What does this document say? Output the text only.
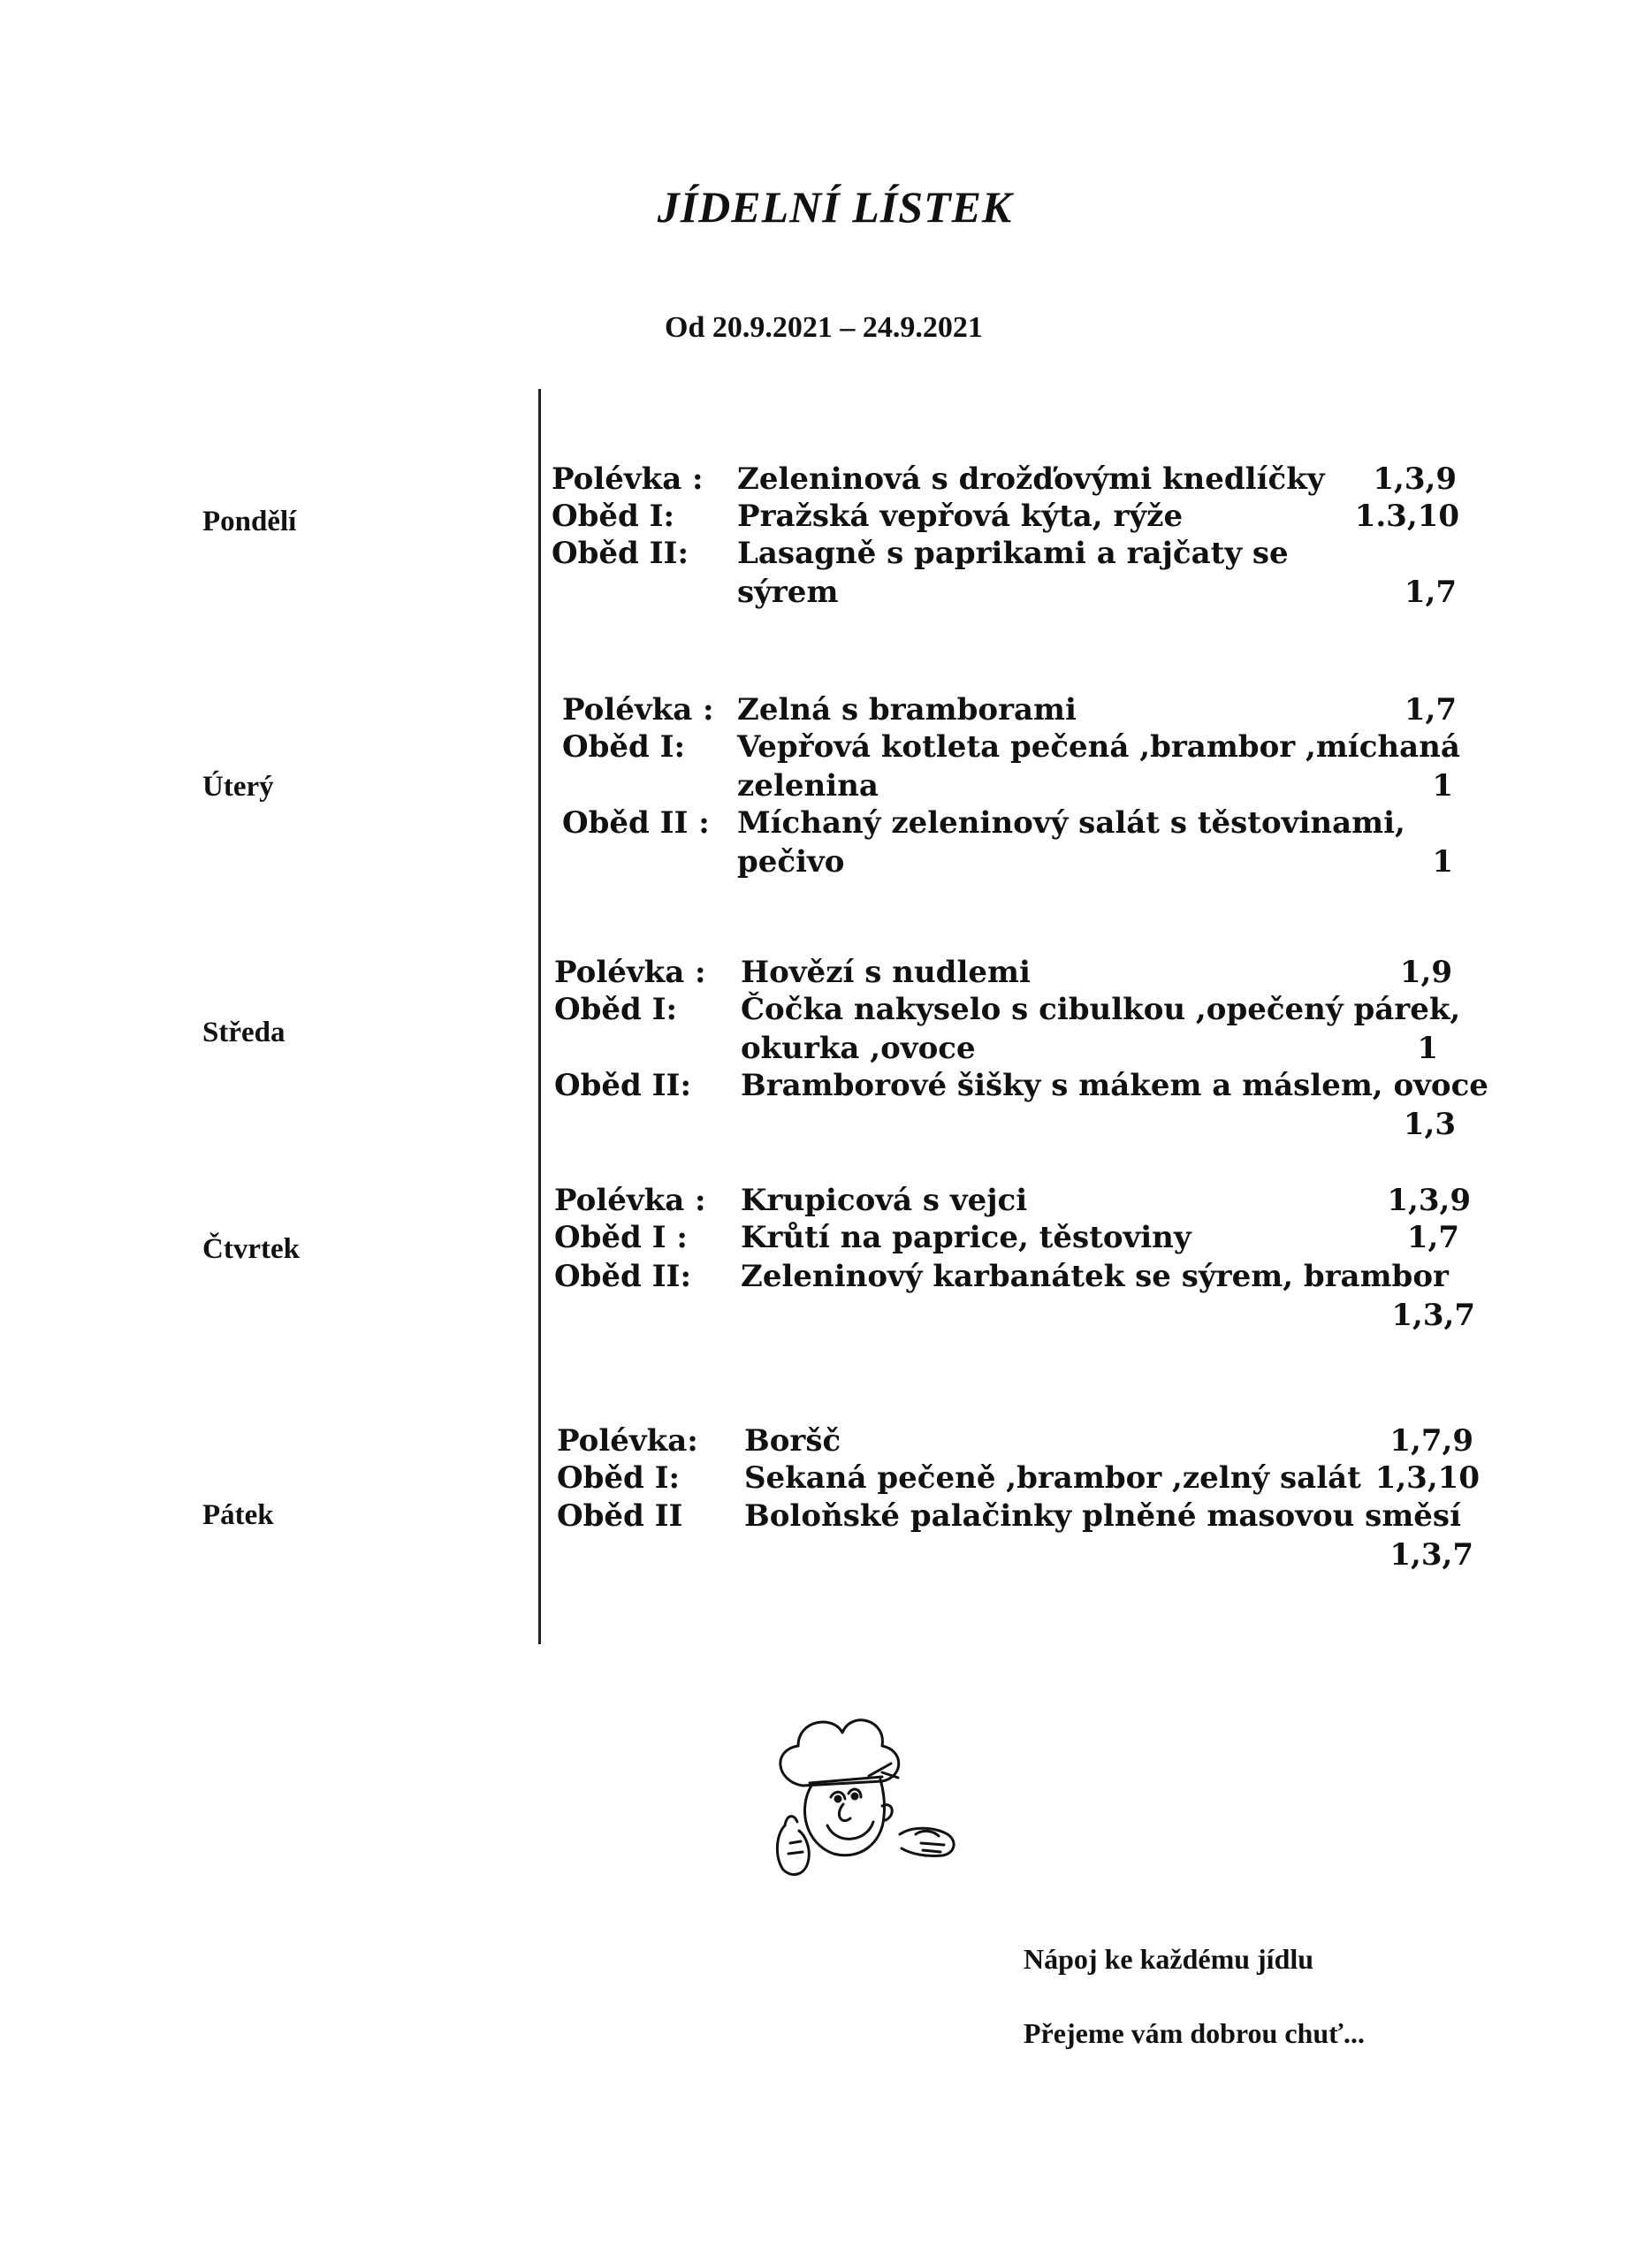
JÍDELNÍ LÍSTEK
Od 20.9.2021 – 24.9.2021
Pondělí
Polévka : Zeleninová s drožďovými knedlíčky 1,3,9
Oběd I: Pražská vepřová kýta, rýže	1.3,10
Oběd II: Lasagně s paprikami a rajčaty se
sýrem	1,7
Úterý
Polévka : Zelná s bramborami	1,7
Oběd I: Vepřová kotleta pečená ,brambor ,míchaná
zelenina	1
Oběd II : Míchaný zeleninový salát s těstovinami,
pečivo	1
Středa
Polévka : Hovězí s nudlemi	1,9
Oběd I: Čočka nakyselo s cibulkou ,opečený párek,
okurka ,ovoce	1
Oběd II: Bramborové šišky s mákem a máslem, ovoce
1,3
Čtvrtek
Polévka : Krupicová s vejci	1,3,9
Oběd I : Krůtí na paprice, těstoviny	1,7
Oběd II: Zeleninový karbanátek se sýrem, brambor
1,3,7
Pátek
Polévka: Boršč	1,7,9
Oběd I: Sekaná pečeně ,brambor ,zelný salát 1,3,10
Oběd II Boloňské palačinky plněné masovou směsí
1,3,7
Nápoj ke každému jídlu
Přejeme vám dobrou chuť...
